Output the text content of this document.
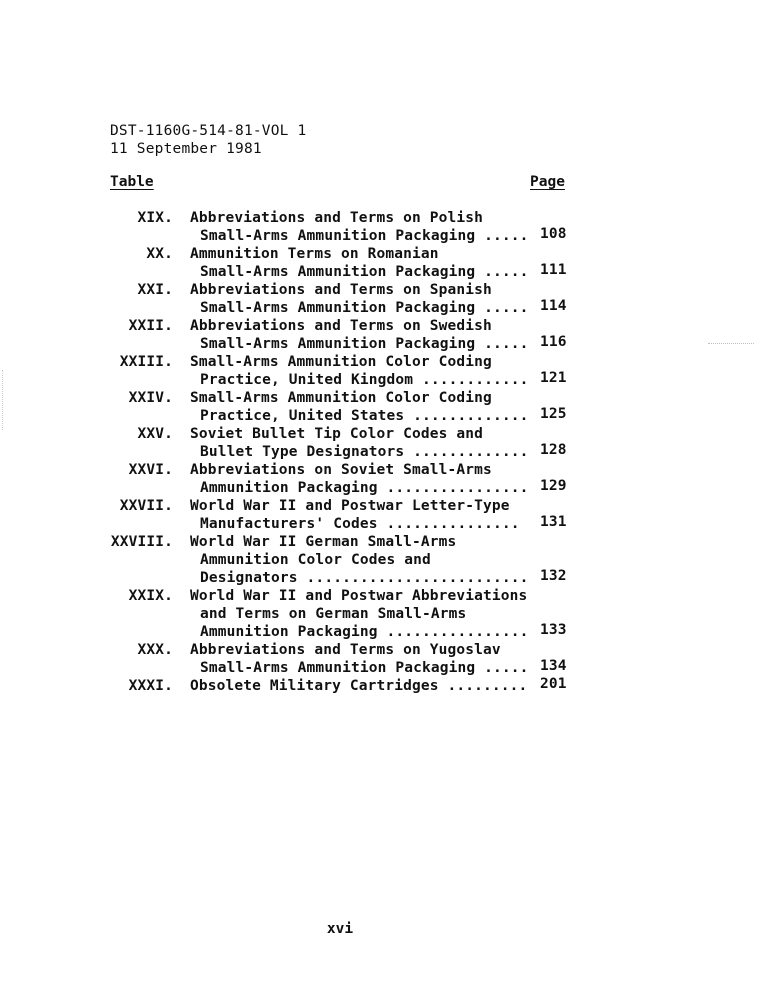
DST-1160G-514-81-VOL 1
11 September 1981
Table	Page
XIX. Abbreviations and Terms on Polish
Small-Arms Ammunition Packaging ..... 108
XX. Ammunition Terms on Romanian
Small-Arms Ammunition Packaging ..... 111
XXI. Abbreviations and Terms on Spanish
Small-Arms Ammunition Packaging ..... 114
XXII. Abbreviations and Terms on Swedish
Small-Arms Ammunition Packaging ..... 116
XXIII. Small-Arms Ammunition Color Coding
Practice, United Kingdom ............ 121
XXIV. Small-Arms Ammunition Color Coding
Practice, United States ............. 125
XXV. Soviet Bullet Tip Color Codes and
Bullet Type Designators ............. 128
XXVI. Abbreviations on Soviet Small-Arms
Ammunition Packaging ................ 129
XXVII. World War II and Postwar Letter-Type
Manufacturers' Codes ...............	131
XXVIII. World War II German Small-Arms
Ammunition Color Codes and
Designators ......................... 132
XXIX. World War II and Postwar Abbreviations
and Terms on German Small-Arms
Ammunition Packaging ................ 133
XXX. Abbreviations and Terms on Yugoslav
Small-Arms Ammunition Packaging ..... 134
XXXI. Obsolete Military Cartridges ......... 201
xvi
